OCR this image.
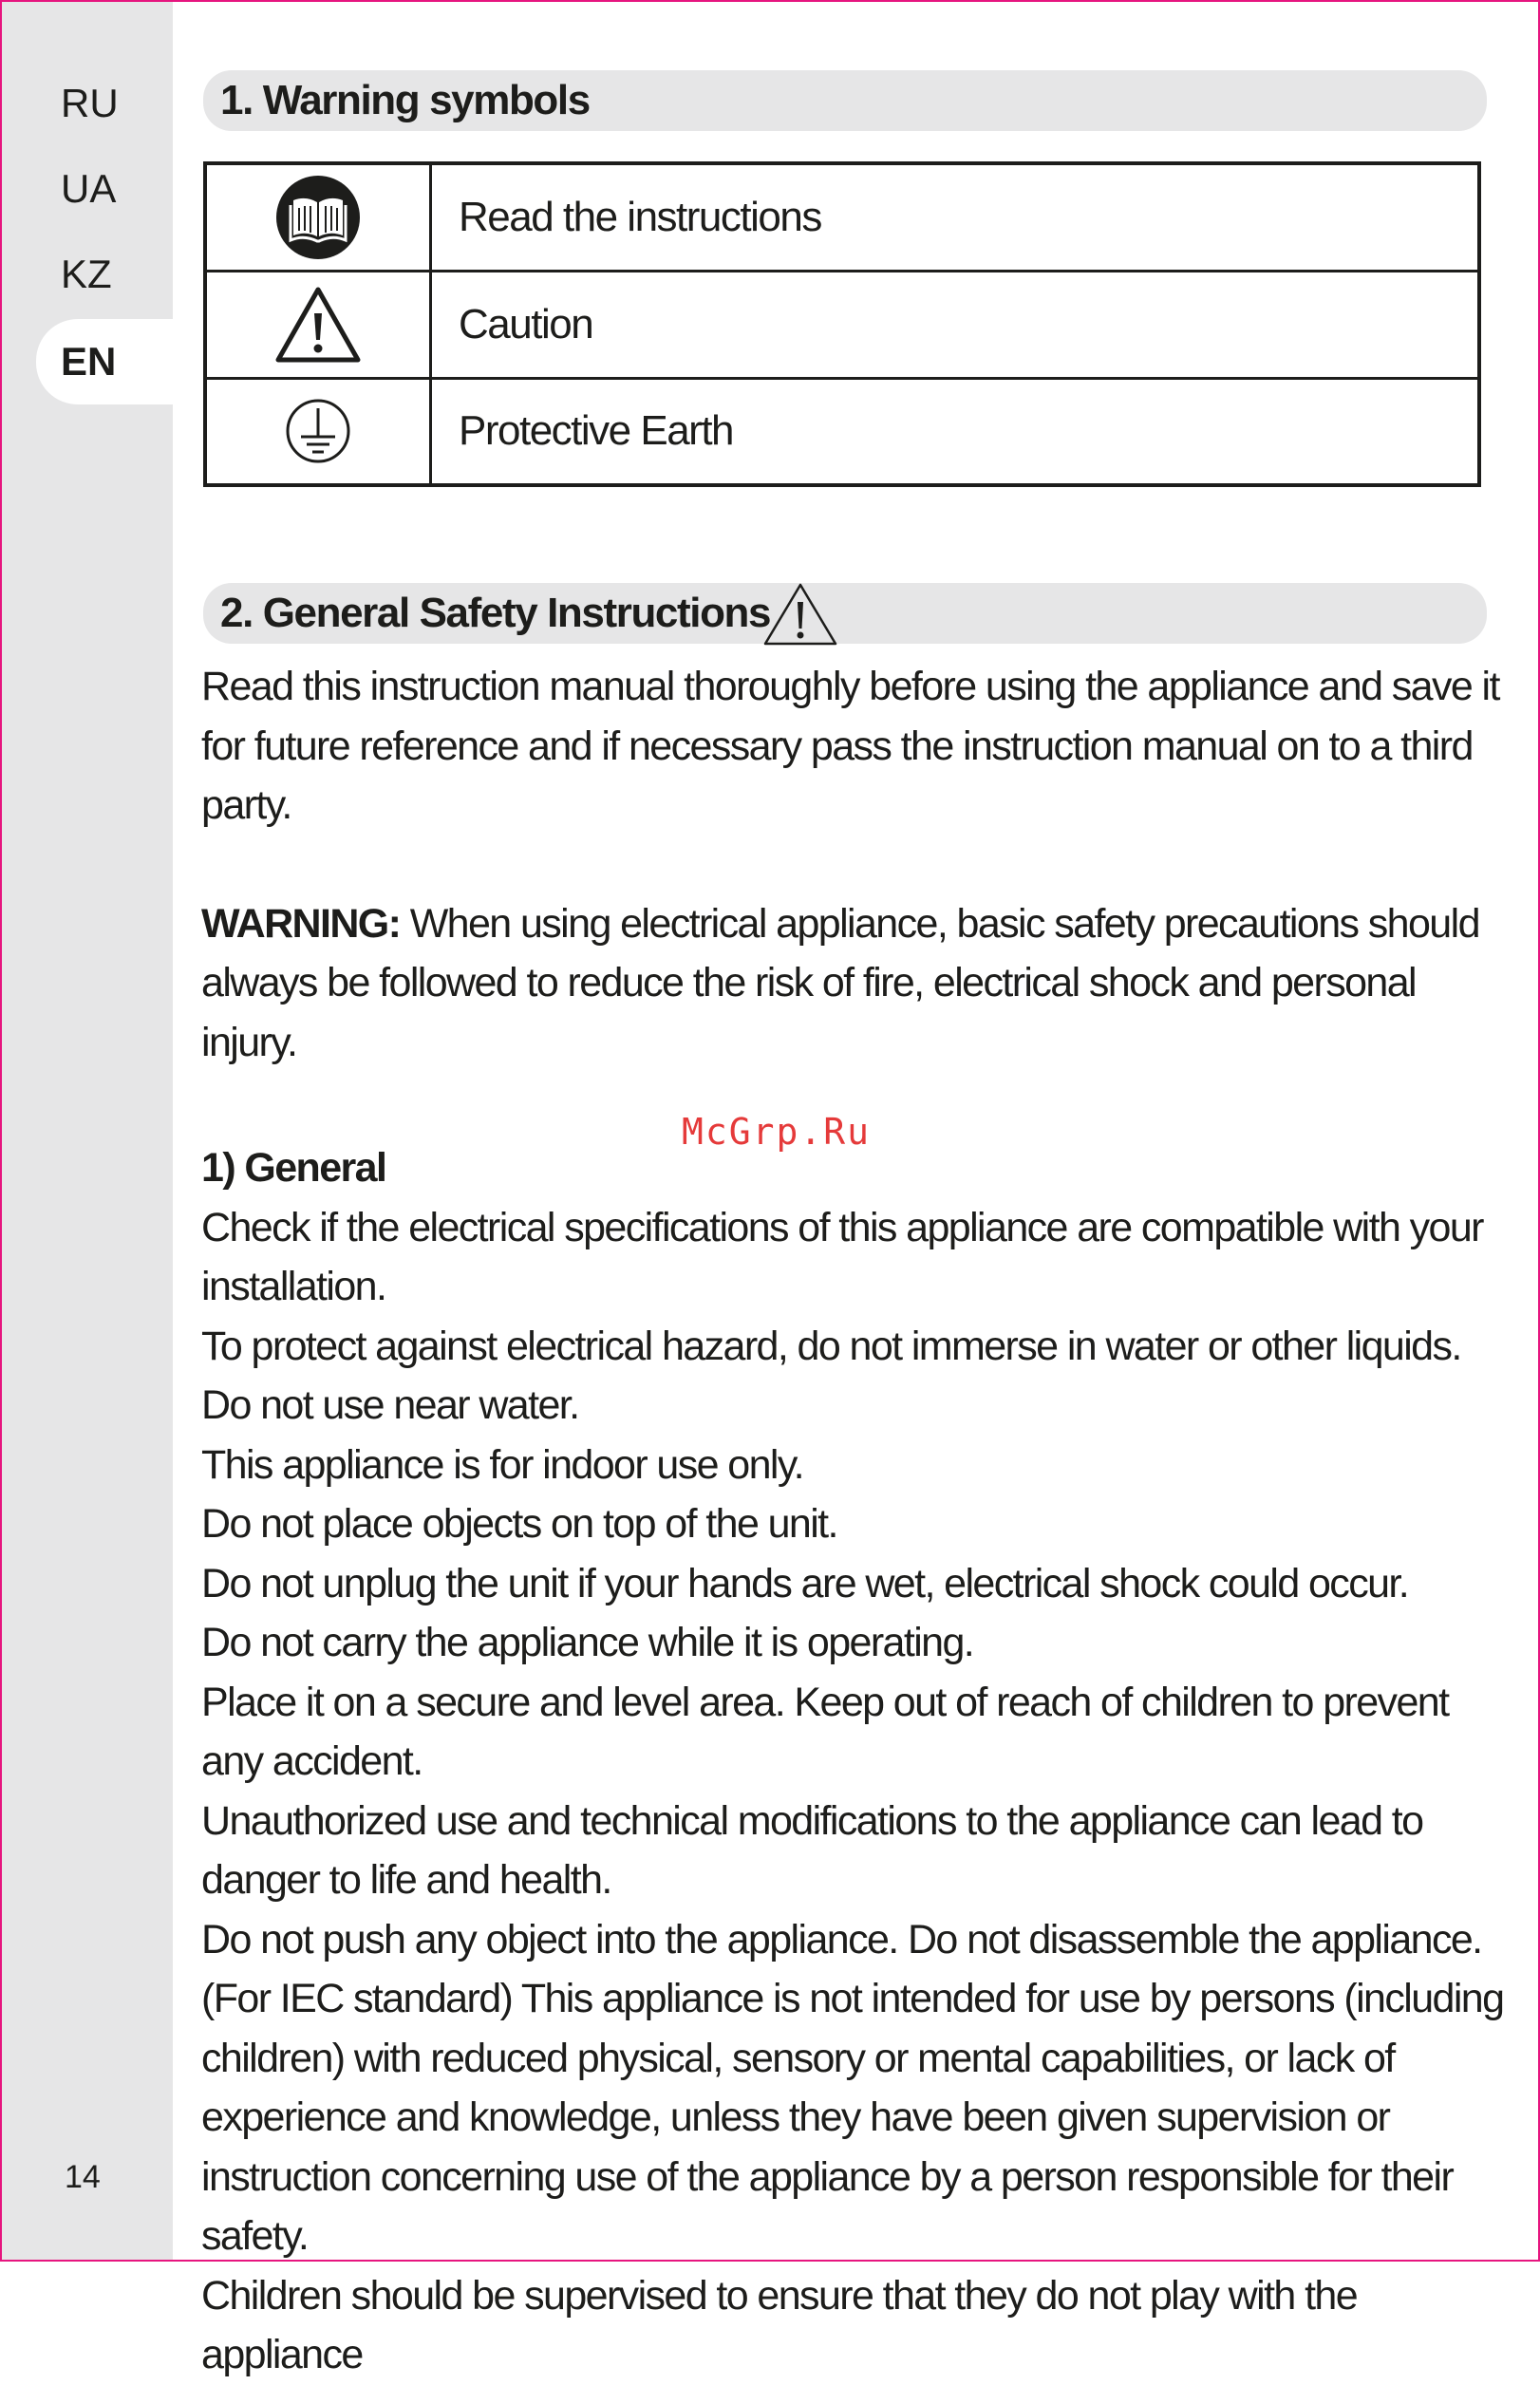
RU
UA
KZ
EN
14
1. Warning symbols
	Read the instructions

	Caution

	Protective Earth
2. General Safety Instructions

Read this instruction manual thoroughly before using the appliance and save it for future reference and if necessary pass the instruction manual on to a third party.

WARNING: When using electrical appliance, basic safety precautions should always be followed to reduce the risk of fire, electrical shock and personal injury.

1) General

Check if the electrical specifications of this appliance are compatible with your installation.

To protect against electrical hazard, do not immerse in water or other liquids. Do not use near water.

This appliance is for indoor use only.

Do not place objects on top of the unit.

Do not unplug the unit if your hands are wet, electrical shock could occur.

Do not carry the appliance while it is operating.

Place it on a secure and level area. Keep out of reach of children to prevent any accident.

Unauthorized use and technical modifications to the appliance can lead to danger to life and health.

Do not push any object into the appliance. Do not disassemble the appliance.

(For IEC standard) This appliance is not intended for use by persons (including children) with reduced physical, sensory or mental capabilities, or lack of experience and knowledge, unless they have been given supervision or instruction concerning use of the appliance by a person responsible for their safety.

Children should be supervised to ensure that they do not play with the appliance

McGrp.Ru
